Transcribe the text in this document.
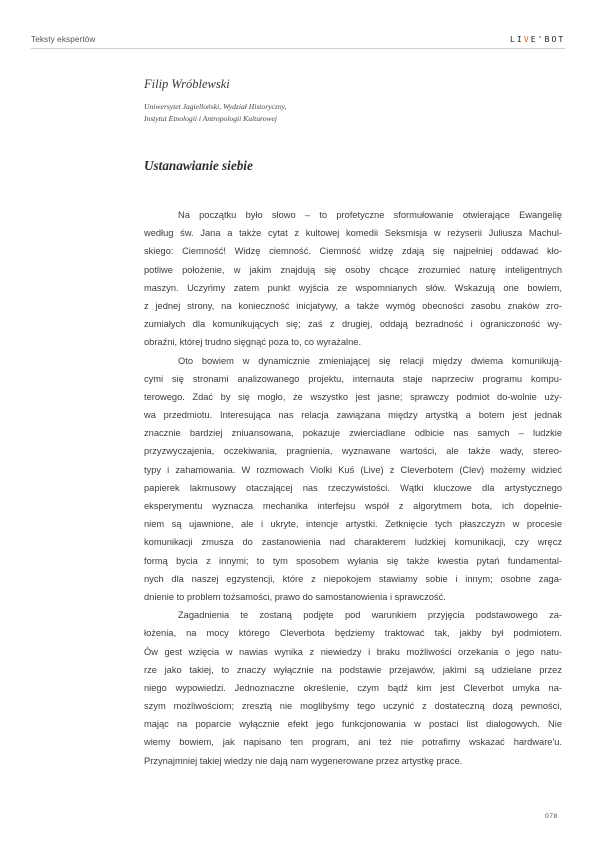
Teksty ekspertów	LIVE'BOT
Filip Wróblewski
Uniwersytet Jagielloński, Wydział Historyczny,
Instytut Etnologii i Antropologii Kulturowej
Ustanawianie siebie
Na początku było słowo – to profetyczne sformułowanie otwierające Ewangelię
według św. Jana a także cytat z kultowej komedii Seksmisja w reżyserii Juliusza Machul-
skiego: Ciemność! Widzę ciemność. Ciemność widzę zdają się najpełniej oddawać kło-
potliwe położenie, w jakim znajdują się osoby chcące zrozumieć naturę inteligentnych
maszyn. Uczyńmy zatem punkt wyjścia ze wspomnianych słów. Wskazują one bowiem,
z jednej strony, na konieczność inicjatywy, a także wymóg obecności zasobu znaków zro-
zumiałych dla komunikujących się; zaś z drugiej, oddają bezradność i ograniczoność wy-
obraźni, której trudno sięgnąć poza to, co wyrażalne.
Oto bowiem w dynamicznie zmieniającej się relacji między dwiema komunikują-
cymi się stronami analizowanego projektu, internauta staje naprzeciw programu kompu-
terowego. Zdać by się mogło, że wszystko jest jasne; sprawczy podmiot do-wolnie uży-
wa przedmiotu. Interesująca nas relacja zawiązana między artystką a botem jest jednak
znacznie bardziej zniuansowana, pokazuje zwierciadlane odbicie nas samych – ludzkie
przyzwyczajenia, oczekiwania, pragnienia, wyznawane wartości, ale także wady, stereo-
typy i zahamowania. W rozmowach Violki Kuś (Live) z Cleverbotem (Clev) możemy widzieć
papierek lakmusowy otaczającej nas rzeczywistości. Wątki kluczowe dla artystycznego
eksperymentu wyznacza mechanika interfejsu współ z algorytmem bota, ich dopełnie-
niem są ujawnione, ale i ukryte, intencje artystki. Zetknięcie tych płaszczyzn w procesie
komunikacji zmusza do zastanowienia nad charakterem ludzkiej komunikacji, czy wręcz
formą bycia z innymi; to tym sposobem wyłania się także kwestia pytań fundamental-
nych dla naszej egzystencji, które z niepokojem stawiamy sobie i innym; osobne zaga-
dnienie to problem tożsamości, prawo do samostanowienia i sprawczość.
Zagadnienia te zostaną podjęte pod warunkiem przyjęcia podstawowego za-
łożenia, na mocy którego Cleverbota będziemy traktować tak, jakby był podmiotem.
Ów gest wzięcia w nawias wynika z niewiedzy i braku możliwości orzekania o jego natu-
rze jako takiej, to znaczy wyłącznie na podstawie przejawów, jakimi są udzielane przez
niego wypowiedzi. Jednoznaczne określenie, czym bądź kim jest Cleverbot umyka na-
szym możliwościom; zresztą nie moglibyśmy tego uczynić z dostateczną dozą pewności,
mając na poparcie wyłącznie efekt jego funkcjonowania w postaci list dialogowych. Nie
wiemy bowiem, jak napisano ten program, ani też nie potrafimy wskazać hardware'u.
Przynajmniej takiej wiedzy nie dają nam wygenerowane przez artystkę prace.
078
